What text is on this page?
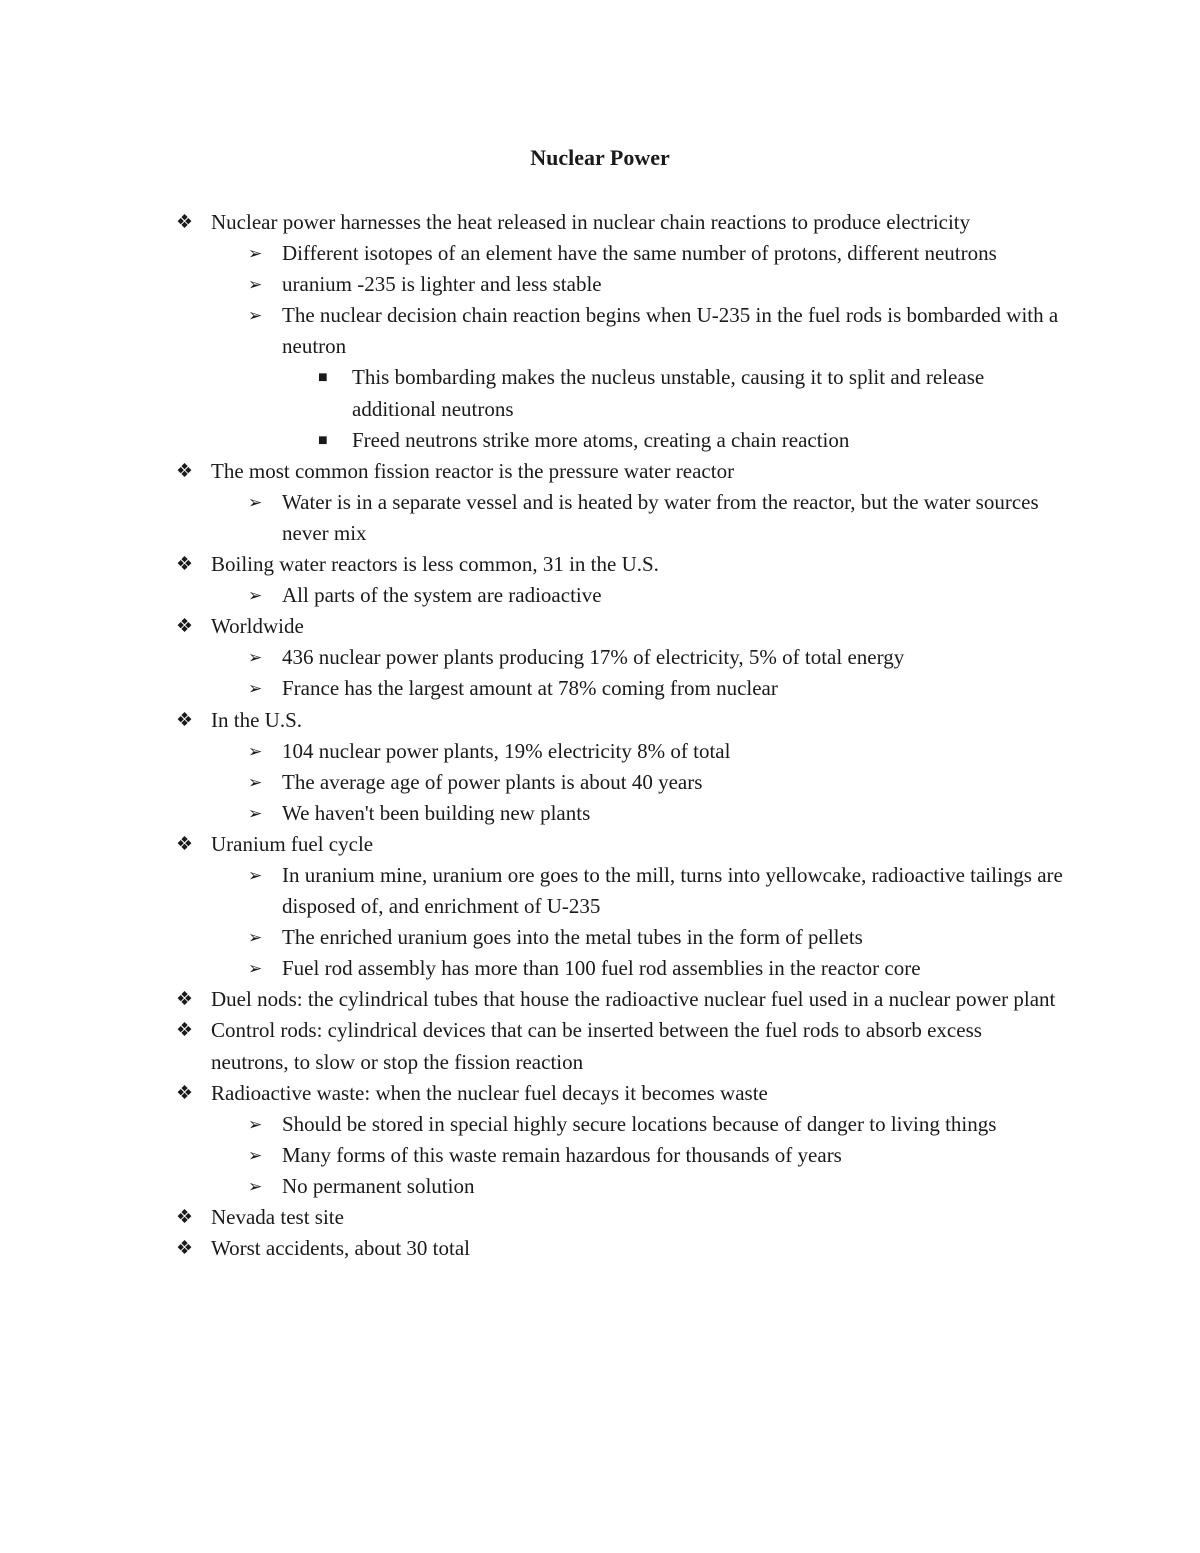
Nuclear Power
❖ Nuclear power harnesses the heat released in nuclear chain reactions to produce electricity
➢ Different isotopes of an element have the same number of protons, different neutrons
➢ uranium -235 is lighter and less stable
➢ The nuclear decision chain reaction begins when U-235 in the fuel rods is bombarded with a neutron
■ This bombarding makes the nucleus unstable, causing it to split and release additional neutrons
■ Freed neutrons strike more atoms, creating a chain reaction
❖ The most common fission reactor is the pressure water reactor
➢ Water is in a separate vessel and is heated by water from the reactor, but the water sources never mix
❖ Boiling water reactors is less common, 31 in the U.S.
➢ All parts of the system are radioactive
❖ Worldwide
➢ 436 nuclear power plants producing 17% of electricity, 5% of total energy
➢ France has the largest amount at 78% coming from nuclear
❖ In the U.S.
➢ 104 nuclear power plants, 19% electricity 8% of total
➢ The average age of power plants is about 40 years
➢ We haven't been building new plants
❖ Uranium fuel cycle
➢ In uranium mine, uranium ore goes to the mill, turns into yellowcake, radioactive tailings are disposed of, and enrichment of U-235
➢ The enriched uranium goes into the metal tubes in the form of pellets
➢ Fuel rod assembly has more than 100 fuel rod assemblies in the reactor core
❖ Duel nods: the cylindrical tubes that house the radioactive nuclear fuel used in a nuclear power plant
❖ Control rods: cylindrical devices that can be inserted between the fuel rods to absorb excess neutrons, to slow or stop the fission reaction
❖ Radioactive waste: when the nuclear fuel decays it becomes waste
➢ Should be stored in special highly secure locations because of danger to living things
➢ Many forms of this waste remain hazardous for thousands of years
➢ No permanent solution
❖ Nevada test site
❖ Worst accidents, about 30 total
